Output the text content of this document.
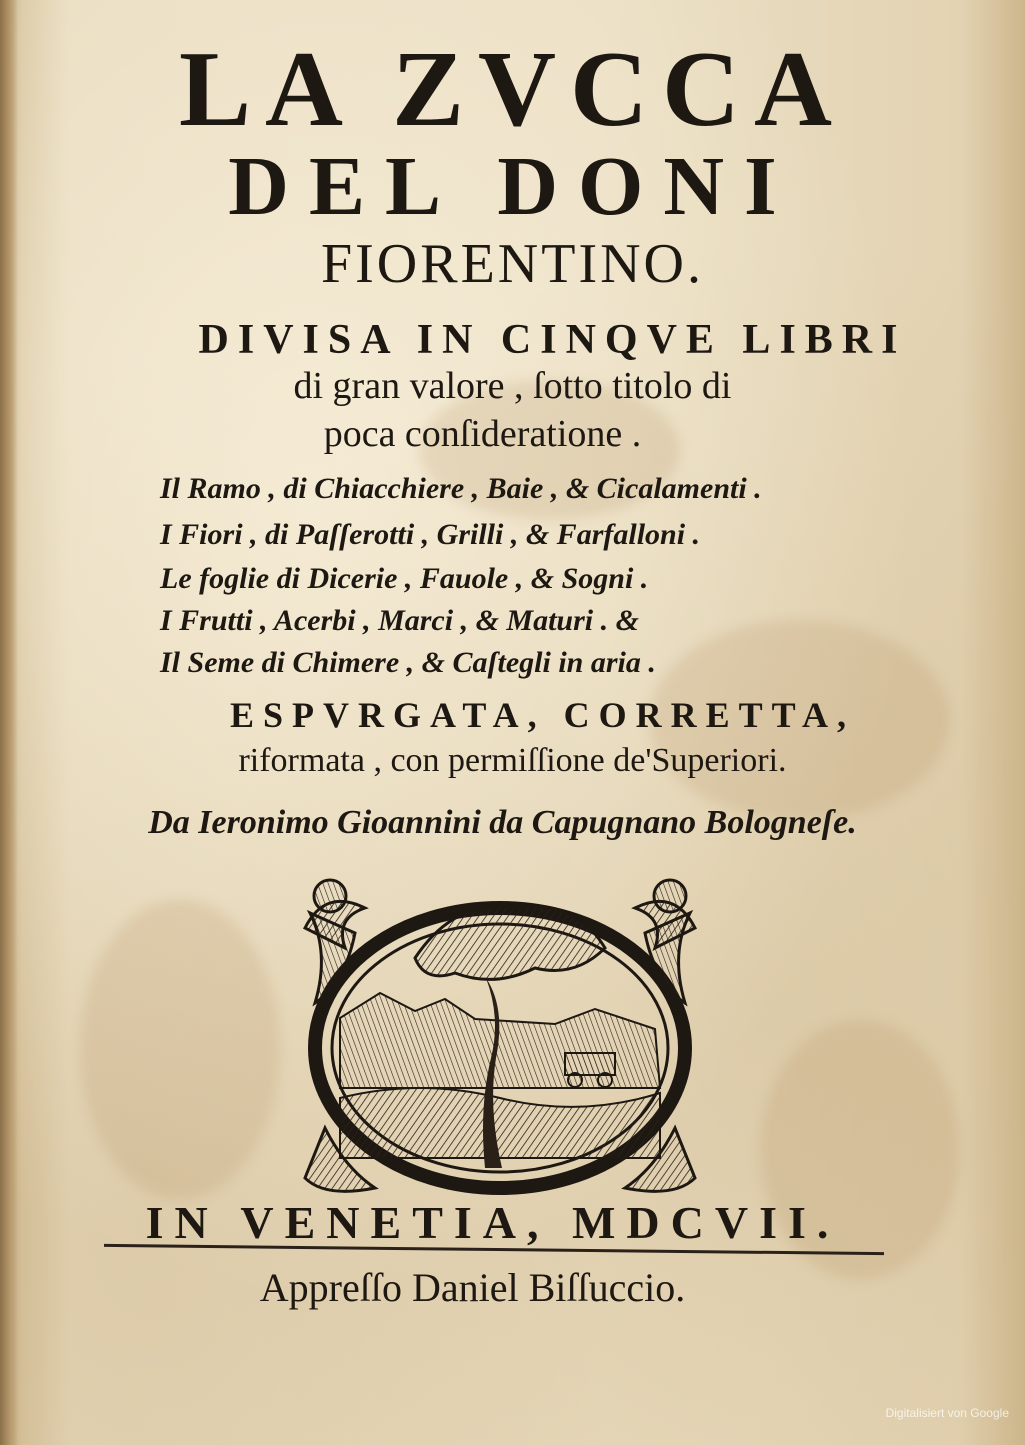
LA ZVCCA
DEL DONI
FIORENTINO.
DIVISA IN CINQVE LIBRI
di gran valore , ſotto titolo di
poca conſideratione .
Il Ramo , di Chiacchiere , Baie , & Cicalamenti .
I Fiori , di Paſſerotti , Grilli , & Farfalloni .
Le foglie di Dicerie , Fauole , & Sogni .
I Frutti , Acerbi , Marci , & Maturi . &
Il Seme di Chimere , & Caſtegli in aria .
ESPVRGATA, CORRETTA,
riformata , con permiſſione de'Superiori.
Da Ieronimo Gioannini da Capugnano Bologneſe.
IN VENETIA, MDCVII.
Appreſſo Daniel Biſſuccio.
Digitalisiert von Google
